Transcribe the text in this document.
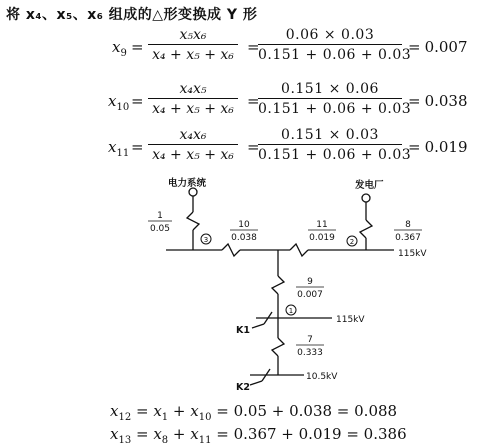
将 x₄、x₅、x₆ 组成的△形变换成 Y 形
$x_9 = \frac{\text{x₅x₆}}{\text{x₄ + x₅ + x₆}}$ =
$\frac{0.06 \times 0.03}{0.151 + 0.06 + 0.03} = 0.007$
$x_{10} = \frac{\text{x₄x₅}}{\text{x₄ + x₅ + x₆}}$ =
$\frac{0.151 \times 0.06}{0.151 + 0.06 + 0.03} = 0.038$
$x_{11} = \frac{\text{x₄x₆}}{\text{x₄ + x₅ + x₆}}$ =
$\frac{0.151 \times 0.03}{0.151 + 0.06 + 0.03} = 0.019$
3	2
1
1
0.05	10
0.038
11
0.019
8
0.367
9
0.007
7
0.333
电力系统	发电厂
K1
K2
115kV
115kV
10.5kV
$x_{12} = x_1 + x_{10} = 0.05 + 0.038 = 0.088$
$x_{13} = x_8 + x_{11} = 0.367 + 0.019 = 0.386$
